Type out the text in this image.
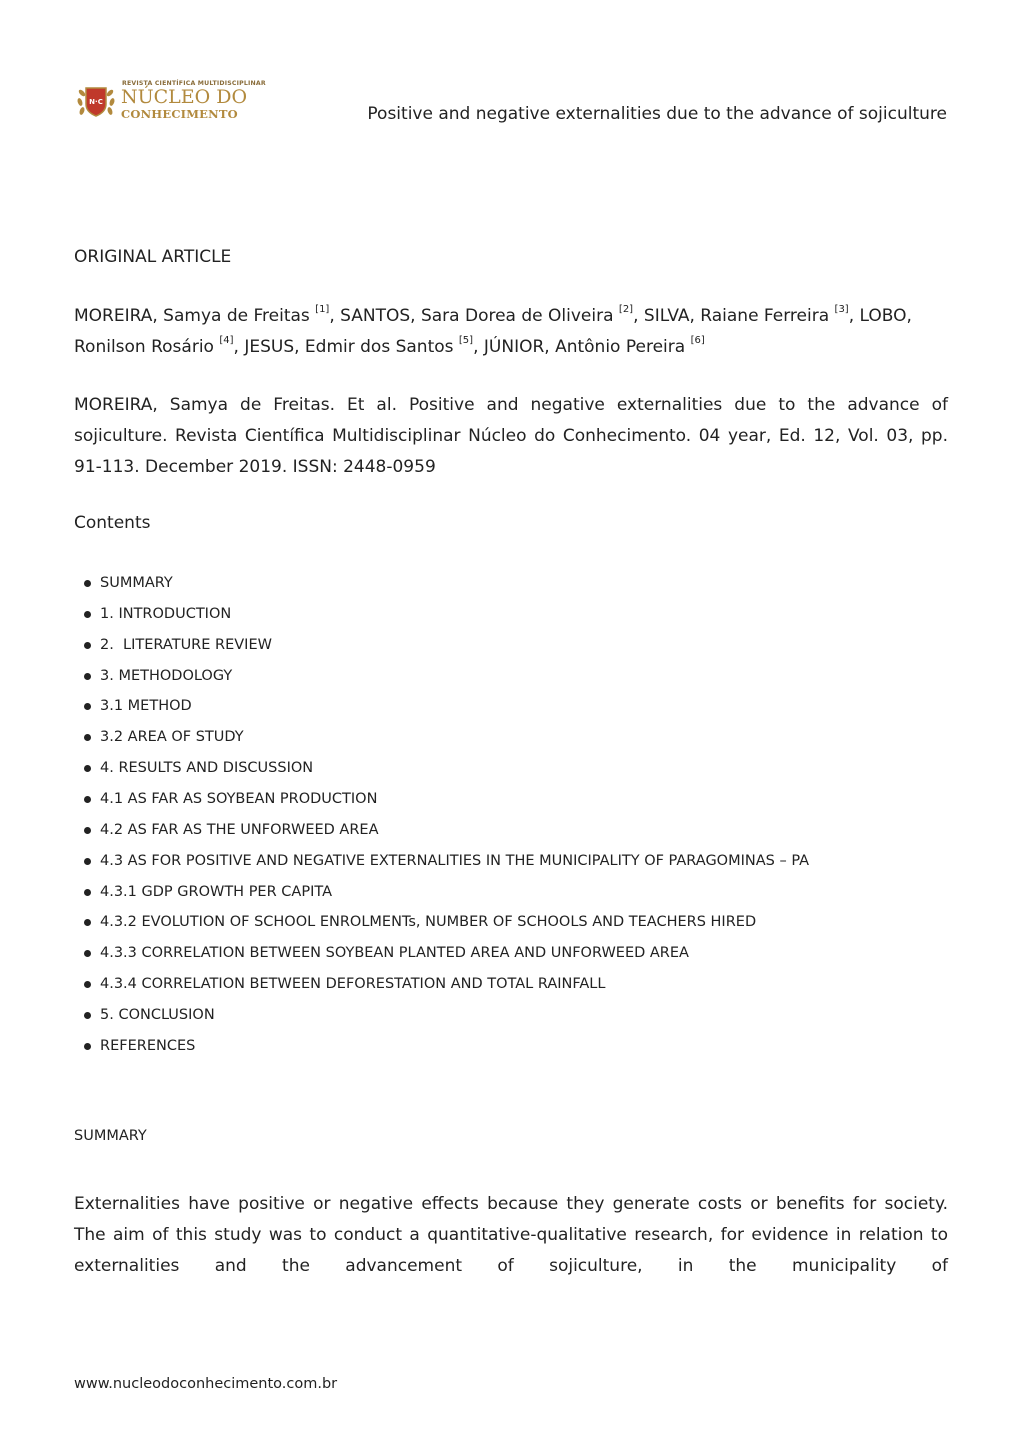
N·C
REVISTA CIENTÍFICA MULTIDISCIPLINAR
NÚCLEO DO
CONHECIMENTO	Positive and negative externalities due to the advance of sojiculture
ORIGINAL ARTICLE
MOREIRA, Samya de Freitas [1], SANTOS, Sara Dorea de Oliveira [2], SILVA, Raiane Ferreira [3], LOBO, Ronilson Rosário [4], JESUS, Edmir dos Santos [5], JÚNIOR, Antônio Pereira [6]
MOREIRA, Samya de Freitas. Et al. Positive and negative externalities due to the advance of sojiculture. Revista Científica Multidisciplinar Núcleo do Conhecimento. 04 year, Ed. 12, Vol. 03, pp. 91-113. December 2019. ISSN: 2448-0959
Contents
SUMMARY
1. INTRODUCTION
2.  LITERATURE REVIEW
3. METHODOLOGY
3.1 METHOD
3.2 AREA OF STUDY
4. RESULTS AND DISCUSSION
4.1 AS FAR AS SOYBEAN PRODUCTION
4.2 AS FAR AS THE UNFORWEED AREA
4.3 AS FOR POSITIVE AND NEGATIVE EXTERNALITIES IN THE MUNICIPALITY OF PARAGOMINAS – PA
4.3.1 GDP GROWTH PER CAPITA
4.3.2 EVOLUTION OF SCHOOL ENROLMENTs, NUMBER OF SCHOOLS AND TEACHERS HIRED
4.3.3 CORRELATION BETWEEN SOYBEAN PLANTED AREA AND UNFORWEED AREA
4.3.4 CORRELATION BETWEEN DEFORESTATION AND TOTAL RAINFALL
5. CONCLUSION
REFERENCES
SUMMARY
Externalities have positive or negative effects because they generate costs or benefits for society. The aim of this study was to conduct a quantitative-qualitative research, for evidence in relation to externalities and the advancement of sojiculture, in the municipality of
www.nucleodoconhecimento.com.br
